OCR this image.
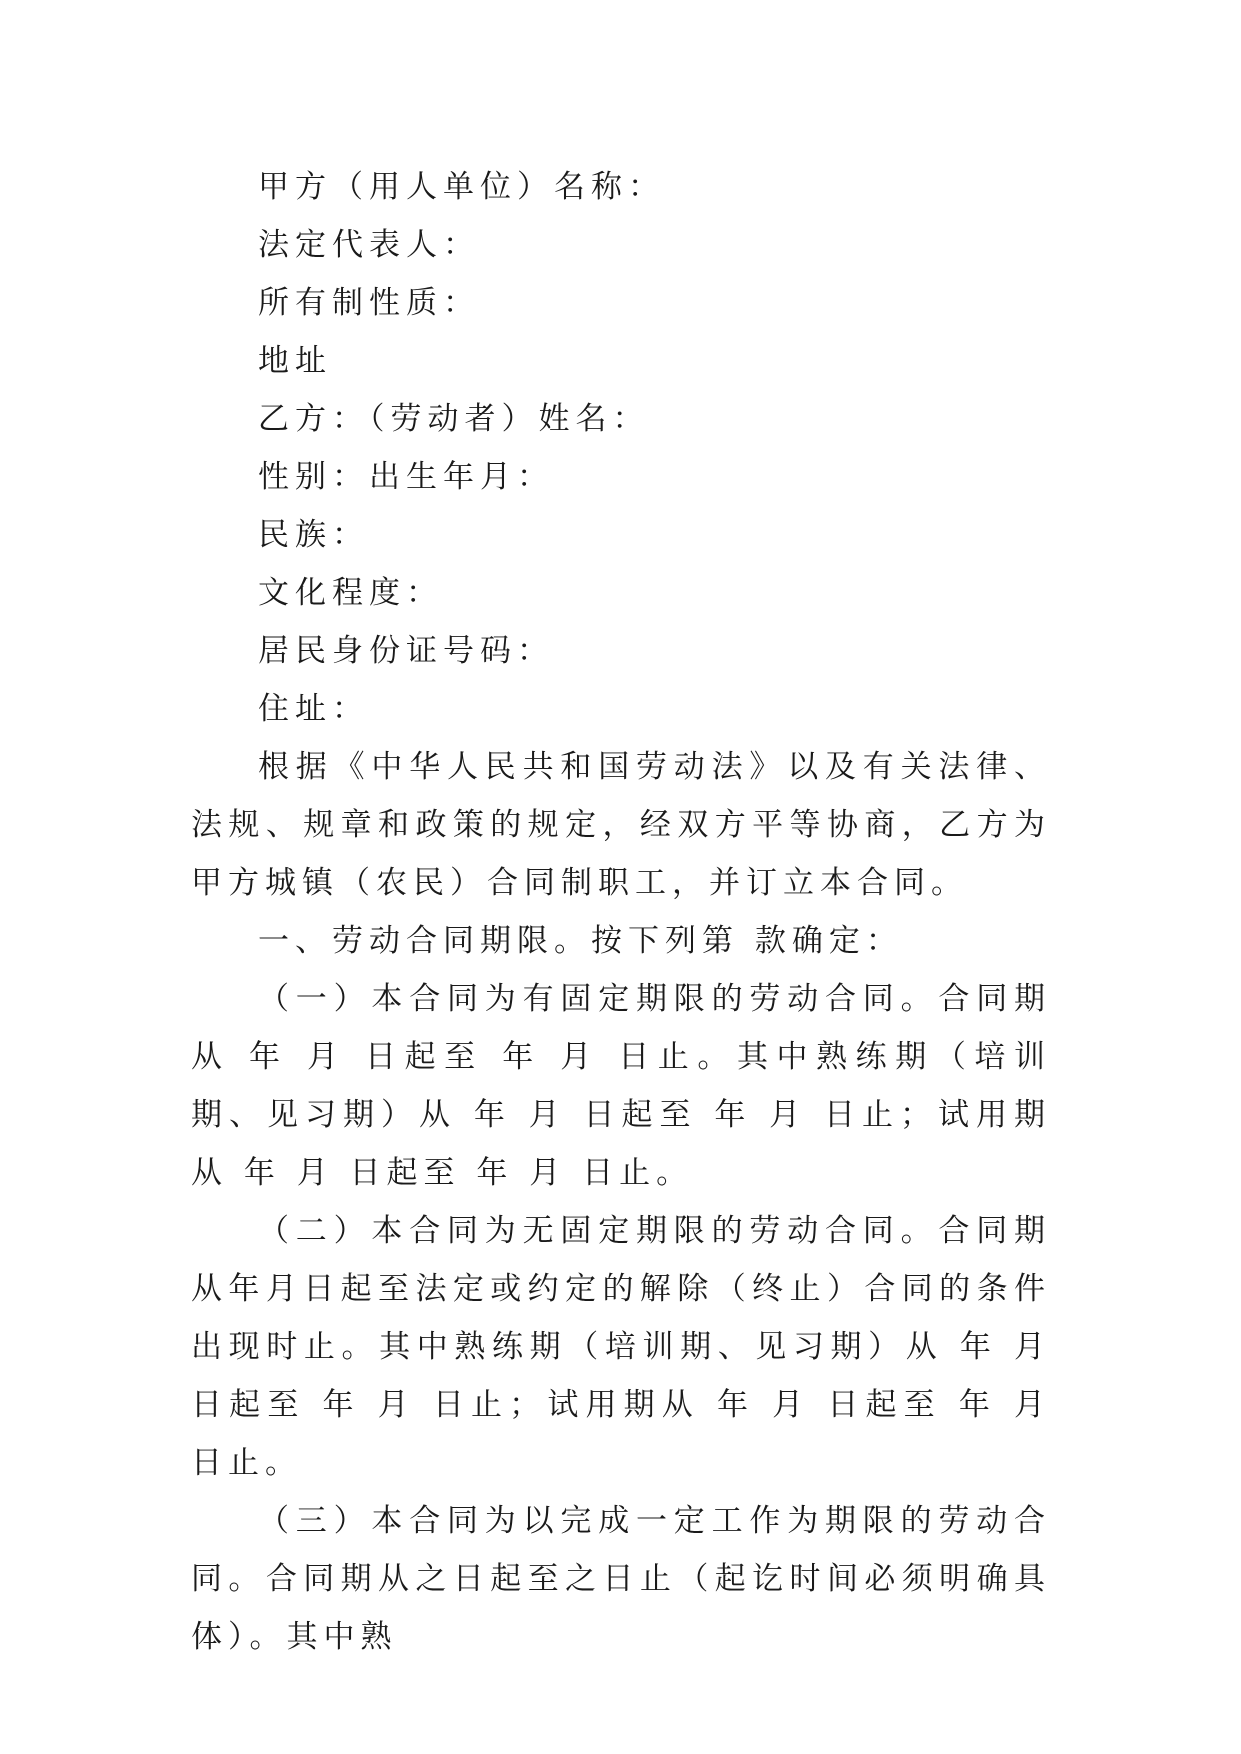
甲方（用人单位）名称：

法定代表人：

所有制性质：

地址

乙方：（劳动者）姓名：

性别：出生年月：

民族：

文化程度：

居民身份证号码：

住址：

根据《中华人民共和国劳动法》以及有关法律、法规、规章和政策的规定，经双方平等协商，乙方为甲方城镇（农民）合同制职工，并订立本合同。

一、劳动合同期限。按下列第 款确定：

（一）本合同为有固定期限的劳动合同。合同期从 年 月 日起至 年 月 日止。其中熟练期（培训期、见习期）从 年 月 日起至 年 月 日止；试用期从 年 月 日起至 年 月 日止。

（二）本合同为无固定期限的劳动合同。合同期从年月日起至法定或约定的解除（终止）合同的条件出现时止。其中熟练期（培训期、见习期）从 年 月 日起至 年 月 日止；试用期从 年 月 日起至 年 月 日止。

（三）本合同为以完成一定工作为期限的劳动合同。合同期从之日起至之日止（起讫时间必须明确具体）。其中熟
